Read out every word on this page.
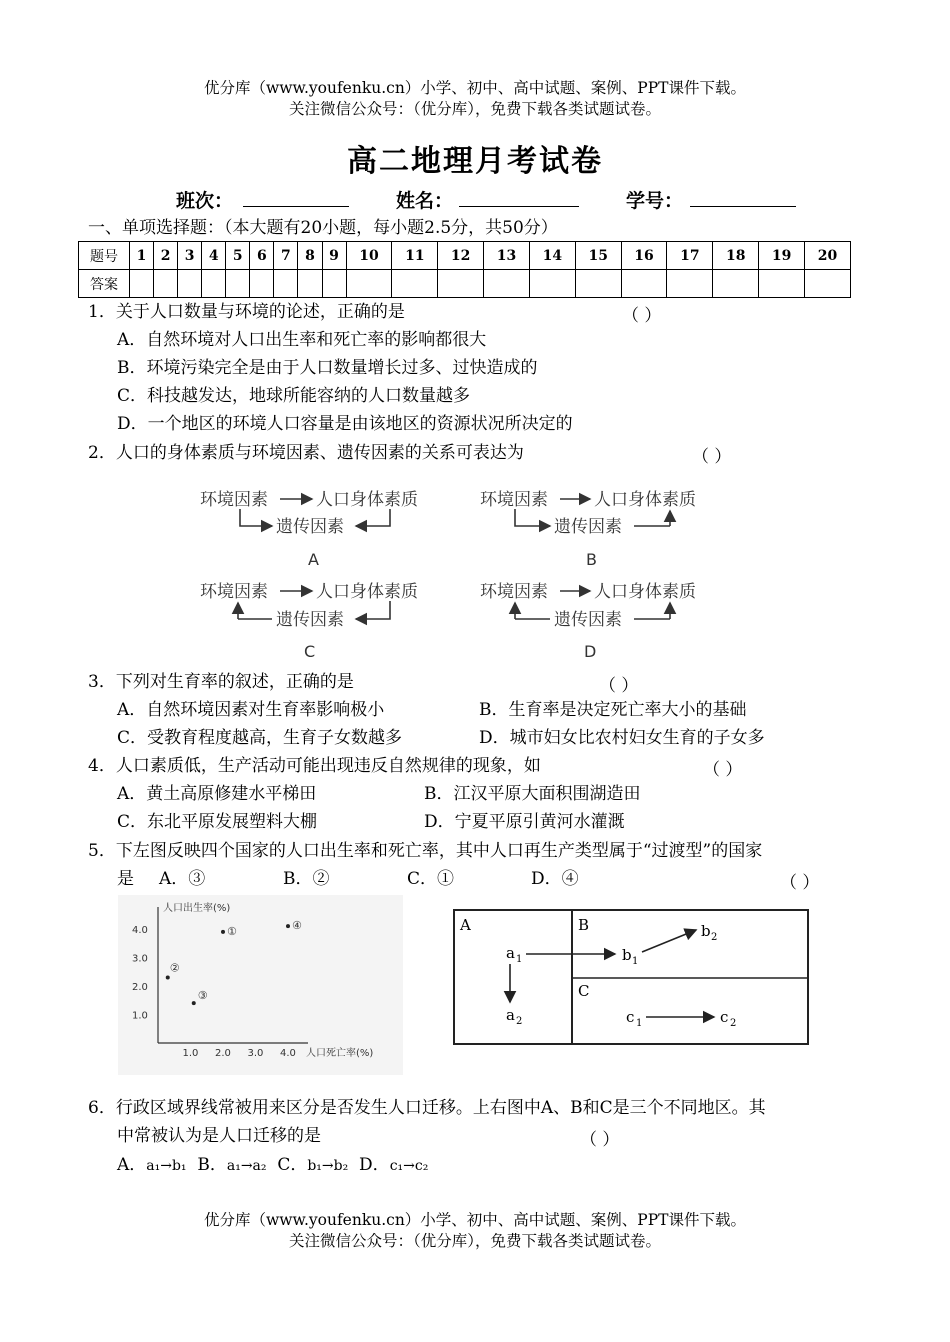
优分库（www.youfenku.cn）小学、初中、高中试题、案例、PPT课件下载。
关注微信公众号：（优分库），免费下载各类试题试卷。
高二地理月考试卷
班次：	姓名：	学号：
一、单项选择题：（本大题有20小题，每小题2.5分，共50分）
题号	1	2	3	4	5	6	7	8	9	10	11	12	13	14	15	16	17	18	19	20
答案																				
1．关于人口数量与环境的论述，正确的是	（ ）
A．自然环境对人口出生率和死亡率的影响都很大
B．环境污染完全是由于人口数量增长过多、过快造成的
C．科技越发达，地球所能容纳的人口数量越多
D．一个地区的环境人口容量是由该地区的资源状况所决定的
2．人口的身体素质与环境因素、遗传因素的关系可表达为	（ ）
环境因素	人口身体素质
遗传因素
A
环境因素	人口身体素质
遗传因素
B
环境因素	人口身体素质
遗传因素
C
环境因素	人口身体素质
遗传因素
D
3．下列对生育率的叙述，正确的是	（ ）
A．自然环境因素对生育率影响极小	B．生育率是决定死亡率大小的基础
C．受教育程度越高，生育子女数越多	D．城市妇女比农村妇女生育的子女多
4．人口素质低，生产活动可能出现违反自然规律的现象，如	（ ）
A．黄土高原修建水平梯田	B．江汉平原大面积围湖造田
C．东北平原发展塑料大棚	D．宁夏平原引黄河水灌溉
5．下左图反映四个国家的人口出生率和死亡率，其中人口再生产类型属于“过渡型”的国家
是 A．③	B．②	C．①	D．④	（ ）
人口出生率(%)
人口死亡率(%)
1.0 2.0 3.0 4.0
1.0
2.0
3.0
4.0	①
②
③
④	A	B
C
a 1	b 1
b 2
a 2	c 1	c 2
6．行政区域界线常被用来区分是否发生人口迁移。上右图中A、B和C是三个不同地区。其
中常被认为是人口迁移的是	（ ）
A．a₁→b₁ B．a₁→a₂ C．b₁→b₂ D．c₁→c₂
优分库（www.youfenku.cn）小学、初中、高中试题、案例、PPT课件下载。
关注微信公众号：（优分库），免费下载各类试题试卷。
